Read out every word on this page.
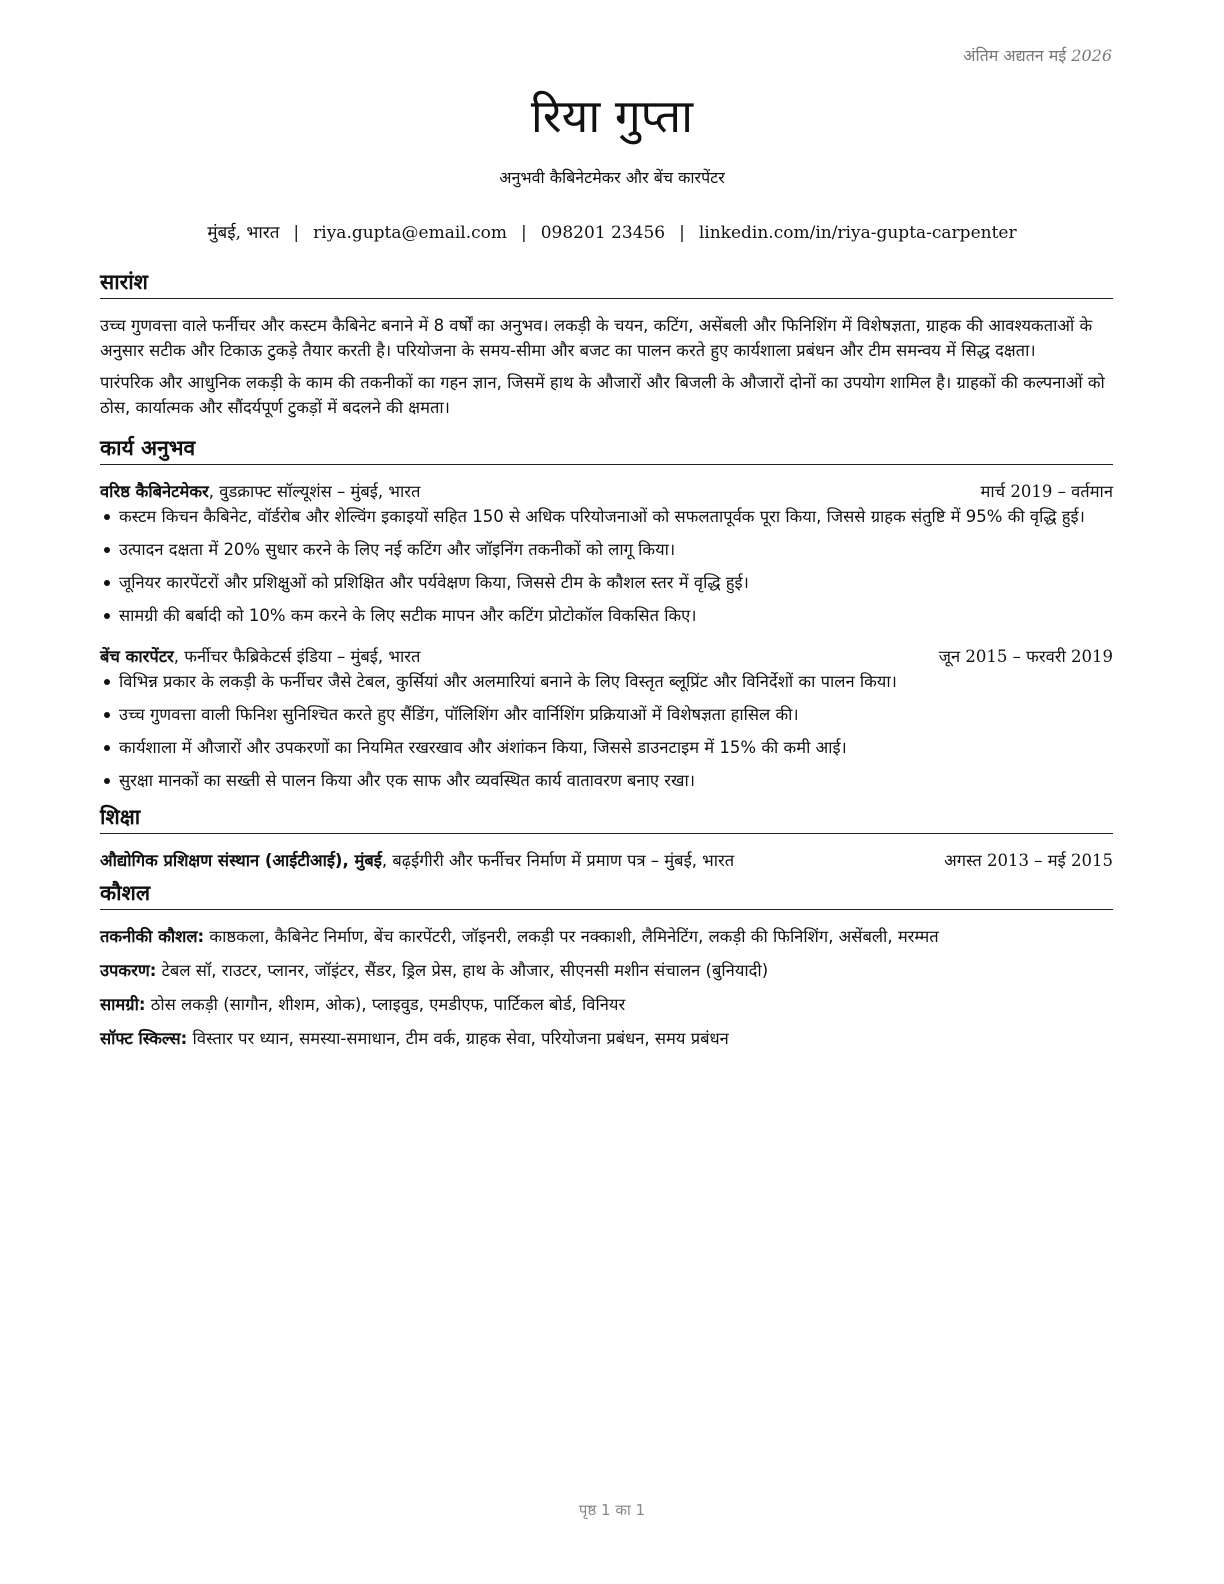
अंतिम अद्यतन मई 2026
रिया गुप्ता
अनुभवी कैबिनेटमेकर और बेंच कारपेंटर
मुंबई, भारत | riya.gupta@email.com | 098201 23456 | linkedin.com/in/riya-gupta-carpenter
सारांश

उच्च गुणवत्ता वाले फर्नीचर और कस्टम कैबिनेट बनाने में 8 वर्षों का अनुभव। लकड़ी के चयन, कटिंग, असेंबली और फिनिशिंग में विशेषज्ञता, ग्राहक की आवश्यकताओं के अनुसार सटीक और टिकाऊ टुकड़े तैयार करती है। परियोजना के समय-सीमा और बजट का पालन करते हुए कार्यशाला प्रबंधन और टीम समन्वय में सिद्ध दक्षता।

पारंपरिक और आधुनिक लकड़ी के काम की तकनीकों का गहन ज्ञान, जिसमें हाथ के औजारों और बिजली के औजारों दोनों का उपयोग शामिल है। ग्राहकों की कल्पनाओं को ठोस, कार्यात्मक और सौंदर्यपूर्ण टुकड़ों में बदलने की क्षमता।

कार्य अनुभव
वरिष्ठ कैबिनेटमेकर, वुडक्राफ्ट सॉल्यूशंस – मुंबई, भारत	मार्च 2019 – वर्तमान
कस्टम किचन कैबिनेट, वॉर्डरोब और शेल्विंग इकाइयों सहित 150 से अधिक परियोजनाओं को सफलतापूर्वक पूरा किया, जिससे ग्राहक संतुष्टि में 95% की वृद्धि हुई।
उत्पादन दक्षता में 20% सुधार करने के लिए नई कटिंग और जॉइनिंग तकनीकों को लागू किया।
जूनियर कारपेंटरों और प्रशिक्षुओं को प्रशिक्षित और पर्यवेक्षण किया, जिससे टीम के कौशल स्तर में वृद्धि हुई।
सामग्री की बर्बादी को 10% कम करने के लिए सटीक मापन और कटिंग प्रोटोकॉल विकसित किए।
बेंच कारपेंटर, फर्नीचर फैब्रिकेटर्स इंडिया – मुंबई, भारत	जून 2015 – फरवरी 2019
विभिन्न प्रकार के लकड़ी के फर्नीचर जैसे टेबल, कुर्सियां और अलमारियां बनाने के लिए विस्तृत ब्लूप्रिंट और विनिर्देशों का पालन किया।
उच्च गुणवत्ता वाली फिनिश सुनिश्चित करते हुए सैंडिंग, पॉलिशिंग और वार्निशिंग प्रक्रियाओं में विशेषज्ञता हासिल की।
कार्यशाला में औजारों और उपकरणों का नियमित रखरखाव और अंशांकन किया, जिससे डाउनटाइम में 15% की कमी आई।
सुरक्षा मानकों का सख्ती से पालन किया और एक साफ और व्यवस्थित कार्य वातावरण बनाए रखा।
शिक्षा
औद्योगिक प्रशिक्षण संस्थान (आईटीआई), मुंबई, बढ़ईगीरी और फर्नीचर निर्माण में प्रमाण पत्र – मुंबई, भारत	अगस्त 2013 – मई 2015
कौशल
तकनीकी कौशल: काष्ठकला, कैबिनेट निर्माण, बेंच कारपेंटरी, जॉइनरी, लकड़ी पर नक्काशी, लैमिनेटिंग, लकड़ी की फिनिशिंग, असेंबली, मरम्मत
उपकरण: टेबल सॉ, राउटर, प्लानर, जॉइंटर, सैंडर, ड्रिल प्रेस, हाथ के औजार, सीएनसी मशीन संचालन (बुनियादी)
सामग्री: ठोस लकड़ी (सागौन, शीशम, ओक), प्लाइवुड, एमडीएफ, पार्टिकल बोर्ड, विनियर
सॉफ्ट स्किल्स: विस्तार पर ध्यान, समस्या-समाधान, टीम वर्क, ग्राहक सेवा, परियोजना प्रबंधन, समय प्रबंधन
पृष्ठ 1 का 1
